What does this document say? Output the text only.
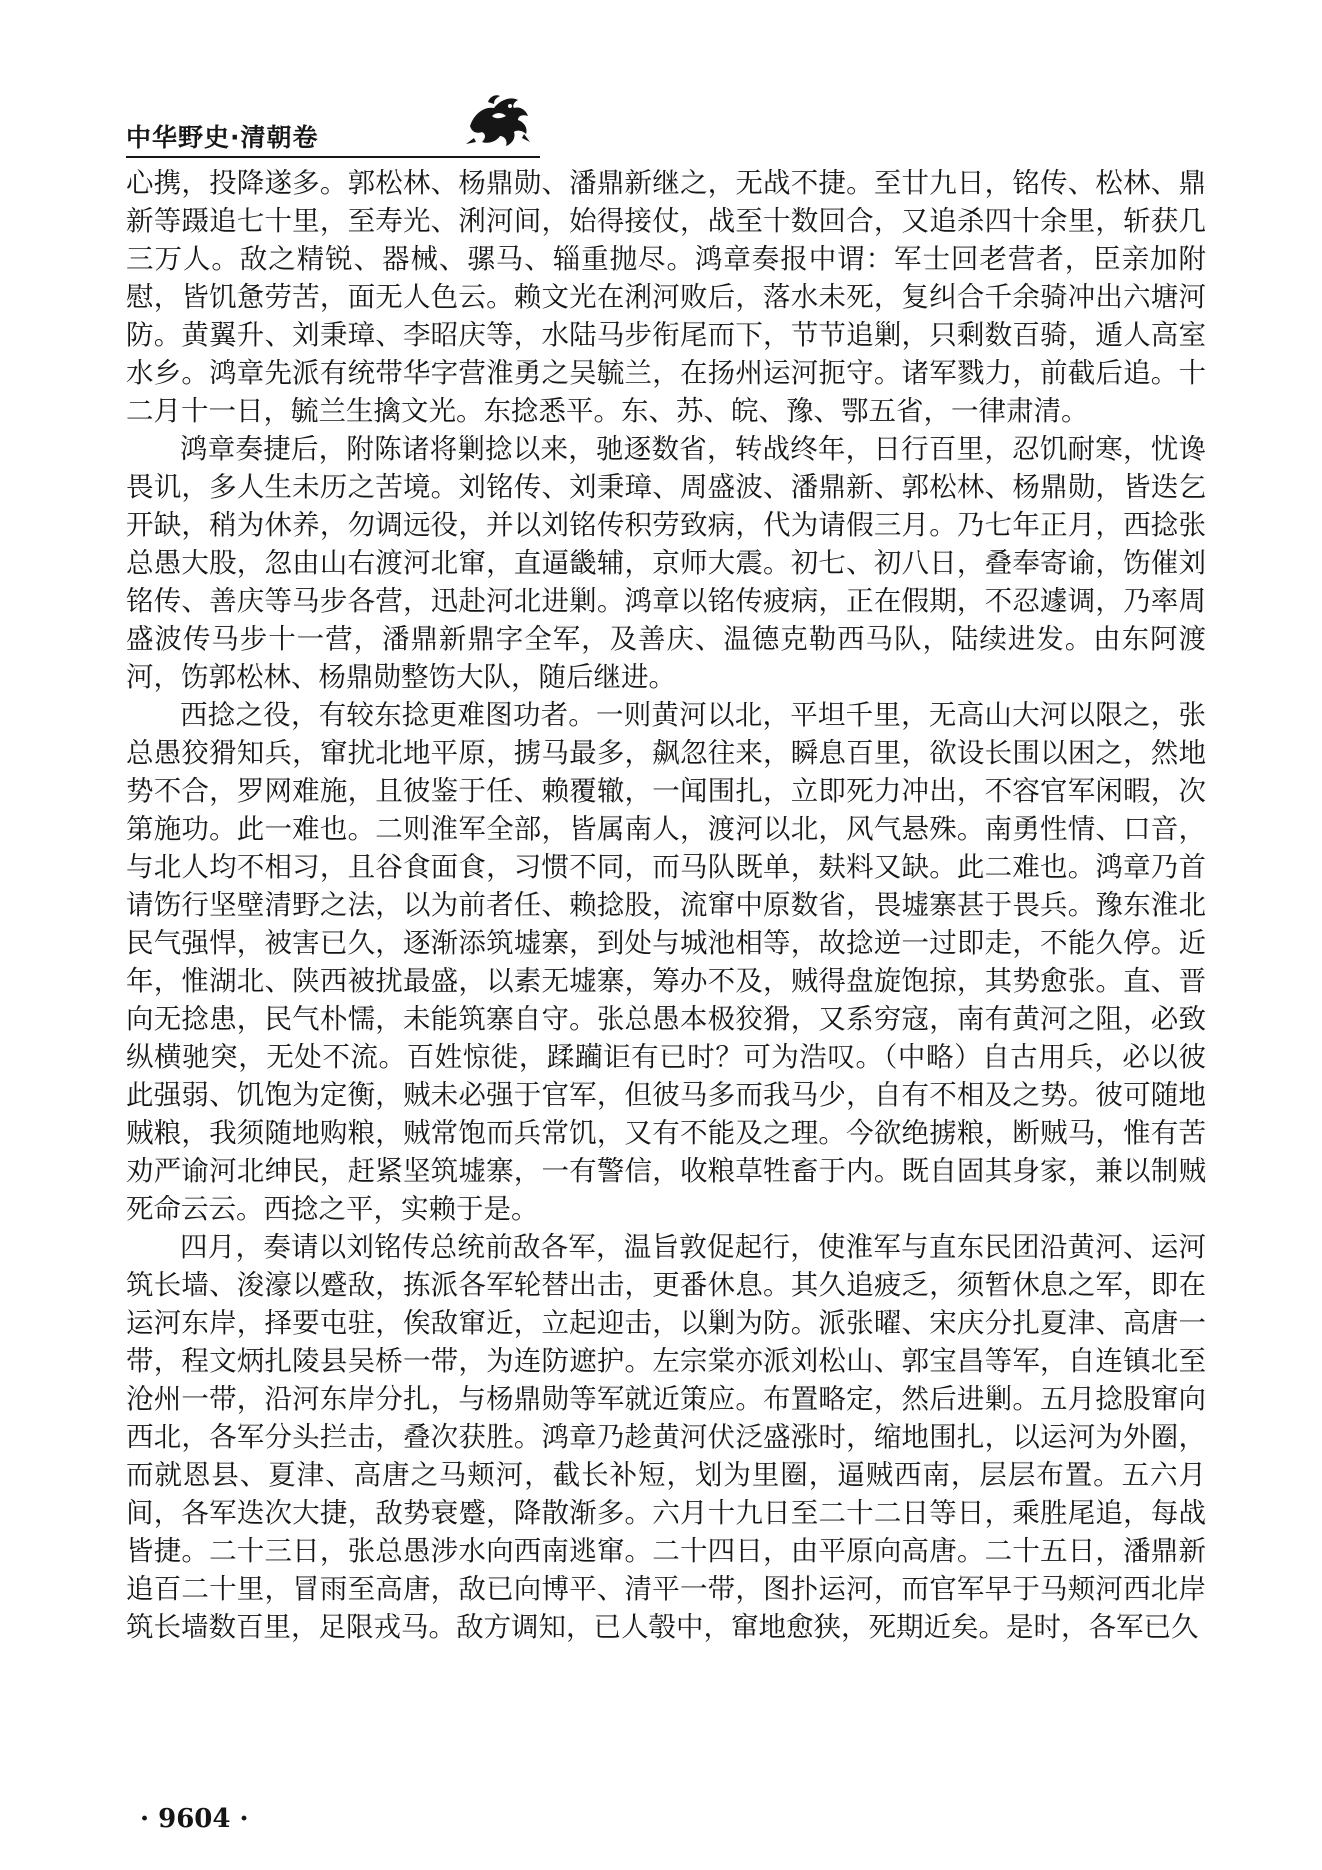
中华野史·清朝卷
心携，投降遂多。郭松林、杨鼎勋、潘鼎新继之，无战不捷。至廿九日，铭传、松林、鼎
新等蹑追七十里，至寿光、浰河间，始得接仗，战至十数回合，又追杀四十余里，斩获几
三万人。敌之精锐、器械、骡马、辎重抛尽。鸿章奏报中谓：军士回老营者，臣亲加附
慰，皆饥惫劳苦，面无人色云。赖文光在浰河败后，落水未死，复纠合千余骑冲出六塘河
防。黄翼升、刘秉璋、李昭庆等，水陆马步衔尾而下，节节追剿，只剩数百骑，遁人高室
水乡。鸿章先派有统带华字营淮勇之吴毓兰，在扬州运河扼守。诸军戮力，前截后追。十
二月十一日，毓兰生擒文光。东捻悉平。东、苏、皖、豫、鄂五省，一律肃清。
鸿章奏捷后，附陈诸将剿捻以来，驰逐数省，转战终年，日行百里，忍饥耐寒，忧谗
畏讥，多人生未历之苦境。刘铭传、刘秉璋、周盛波、潘鼎新、郭松林、杨鼎勋，皆迭乞
开缺，稍为休养，勿调远役，并以刘铭传积劳致病，代为请假三月。乃七年正月，西捻张
总愚大股，忽由山右渡河北窜，直逼畿辅，京师大震。初七、初八日，叠奉寄谕，饬催刘
铭传、善庆等马步各营，迅赴河北进剿。鸿章以铭传疲病，正在假期，不忍遽调，乃率周
盛波传马步十一营，潘鼎新鼎字全军，及善庆、温德克勒西马队，陆续进发。由东阿渡
河，饬郭松林、杨鼎勋整饬大队，随后继进。
西捻之役，有较东捻更难图功者。一则黄河以北，平坦千里，无高山大河以限之，张
总愚狡猾知兵，窜扰北地平原，掳马最多，飙忽往来，瞬息百里，欲设长围以困之，然地
势不合，罗网难施，且彼鉴于任、赖覆辙，一闻围扎，立即死力冲出，不容官军闲暇，次
第施功。此一难也。二则淮军全部，皆属南人，渡河以北，风气悬殊。南勇性情、口音，
与北人均不相习，且谷食面食，习惯不同，而马队既单，麸料又缺。此二难也。鸿章乃首
请饬行坚壁清野之法，以为前者任、赖捻股，流窜中原数省，畏墟寨甚于畏兵。豫东淮北
民气强悍，被害已久，逐渐添筑墟寨，到处与城池相等，故捻逆一过即走，不能久停。近
年，惟湖北、陕西被扰最盛，以素无墟寨，筹办不及，贼得盘旋饱掠，其势愈张。直、晋
向无捻患，民气朴懦，未能筑寨自守。张总愚本极狡猾，又系穷寇，南有黄河之阻，必致
纵横驰突，无处不流。百姓惊徙，蹂躏讵有已时？可为浩叹。（中略）自古用兵，必以彼
此强弱、饥饱为定衡，贼未必强于官军，但彼马多而我马少，自有不相及之势。彼可随地
贼粮，我须随地购粮，贼常饱而兵常饥，又有不能及之理。今欲绝掳粮，断贼马，惟有苦
劝严谕河北绅民，赶紧坚筑墟寨，一有警信，收粮草牲畜于内。既自固其身家，兼以制贼
死命云云。西捻之平，实赖于是。
四月，奏请以刘铭传总统前敌各军，温旨敦促起行，使淮军与直东民团沿黄河、运河
筑长墙、浚濠以蹙敌，拣派各军轮替出击，更番休息。其久追疲乏，须暂休息之军，即在
运河东岸，择要屯驻，俟敌窜近，立起迎击，以剿为防。派张曜、宋庆分扎夏津、高唐一
带，程文炳扎陵县吴桥一带，为连防遮护。左宗棠亦派刘松山、郭宝昌等军，自连镇北至
沧州一带，沿河东岸分扎，与杨鼎勋等军就近策应。布置略定，然后进剿。五月捻股窜向
西北，各军分头拦击，叠次获胜。鸿章乃趁黄河伏泛盛涨时，缩地围扎，以运河为外圈，
而就恩县、夏津、高唐之马颊河，截长补短，划为里圈，逼贼西南，层层布置。五六月
间，各军迭次大捷，敌势衰蹙，降散渐多。六月十九日至二十二日等日，乘胜尾追，每战
皆捷。二十三日，张总愚涉水向西南逃窜。二十四日，由平原向高唐。二十五日，潘鼎新
追百二十里，冒雨至高唐，敌已向博平、清平一带，图扑运河，而官军早于马颊河西北岸
筑长墙数百里，足限戎马。敌方调知，已人彀中，窜地愈狭，死期近矣。是时，各军已久
· 9604 ·
